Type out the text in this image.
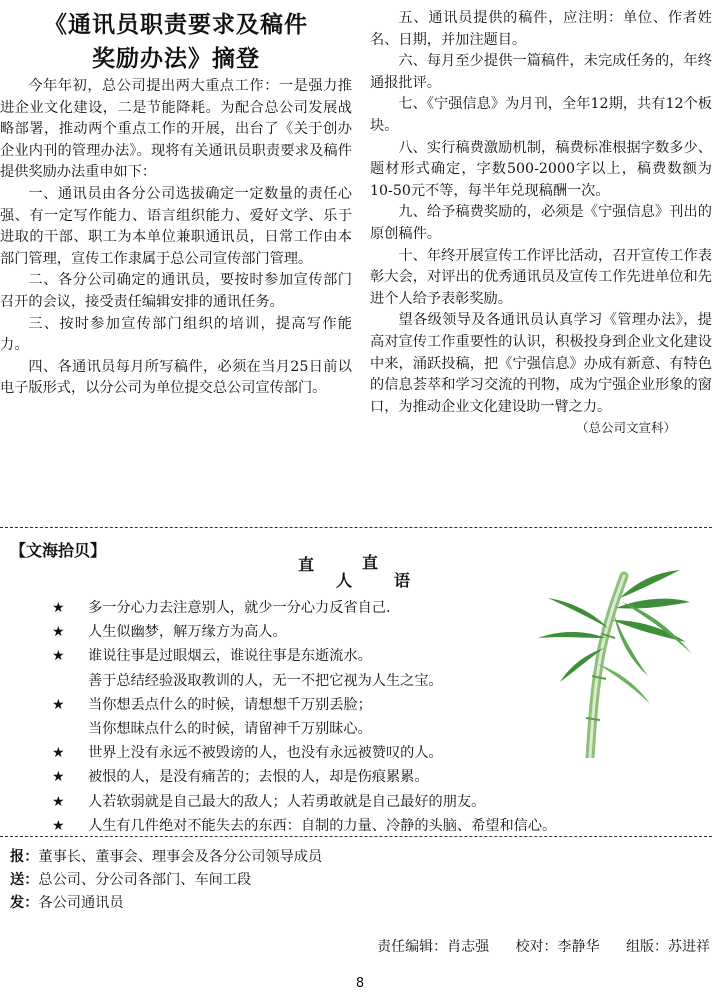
《通讯员职责要求及稿件
奖励办法》摘登

今年年初，总公司提出两大重点工作：一是强力推进企业文化建设，二是节能降耗。为配合总公司发展战略部署，推动两个重点工作的开展，出台了《关于创办企业内刊的管理办法》。现将有关通讯员职责要求及稿件提供奖励办法重申如下：

一、通讯员由各分公司选拔确定一定数量的责任心强、有一定写作能力、语言组织能力、爱好文学、乐于进取的干部、职工为本单位兼职通讯员，日常工作由本部门管理，宣传工作隶属于总公司宣传部门管理。

二、各分公司确定的通讯员，要按时参加宣传部门召开的会议，接受责任编辑安排的通讯任务。

三、按时参加宣传部门组织的培训，提高写作能力。

四、各通讯员每月所写稿件，必须在当月25日前以电子版形式，以分公司为单位提交总公司宣传部门。

五、通讯员提供的稿件，应注明：单位、作者姓名、日期，并加注题目。

六、每月至少提供一篇稿件，未完成任务的，年终通报批评。

七、《宁强信息》为月刊，全年12期，共有12个板块。

八、实行稿费激励机制，稿费标准根据字数多少、题材形式确定，字数500-2000字以上，稿费数额为10-50元不等，每半年兑现稿酬一次。

九、给予稿费奖励的，必须是《宁强信息》刊出的原创稿件。

十、年终开展宣传工作评比活动，召开宣传工作表彰大会，对评出的优秀通讯员及宣传工作先进单位和先进个人给予表彰奖励。

望各级领导及各通讯员认真学习《管理办法》，提高对宣传工作重要性的认识，积极投身到企业文化建设中来，涌跃投稿，把《宁强信息》办成有新意、有特色的信息荟萃和学习交流的刊物，成为宁强企业形象的窗口，为推动企业文化建设助一臂之力。

（总公司文宣科）
【文海拾贝】
直
人
直
语
★ 多一分心力去注意别人，就少一分心力反省自己.
★ 人生似幽梦，解万缘方为高人。
★ 谁说往事是过眼烟云，谁说往事是东逝流水。
善于总结经验汲取教训的人，无一不把它视为人生之宝。
★ 当你想丢点什么的时候，请想想千万别丢脸；
当你想昧点什么的时候，请留神千万别昧心。
★ 世界上没有永远不被毁谤的人，也没有永远被赞叹的人。
★ 被恨的人，是没有痛苦的；去恨的人，却是伤痕累累。
★ 人若软弱就是自己最大的敌人；人若勇敢就是自己最好的朋友。
★ 人生有几件绝对不能失去的东西：自制的力量、冷静的头脑、希望和信心。
报：董事长、董事会、理事会及各分公司领导成员
送：总公司、分公司各部门、车间工段
发：各公司通讯员
责任编辑：肖志强 校对：李静华 组版：苏进祥
8
